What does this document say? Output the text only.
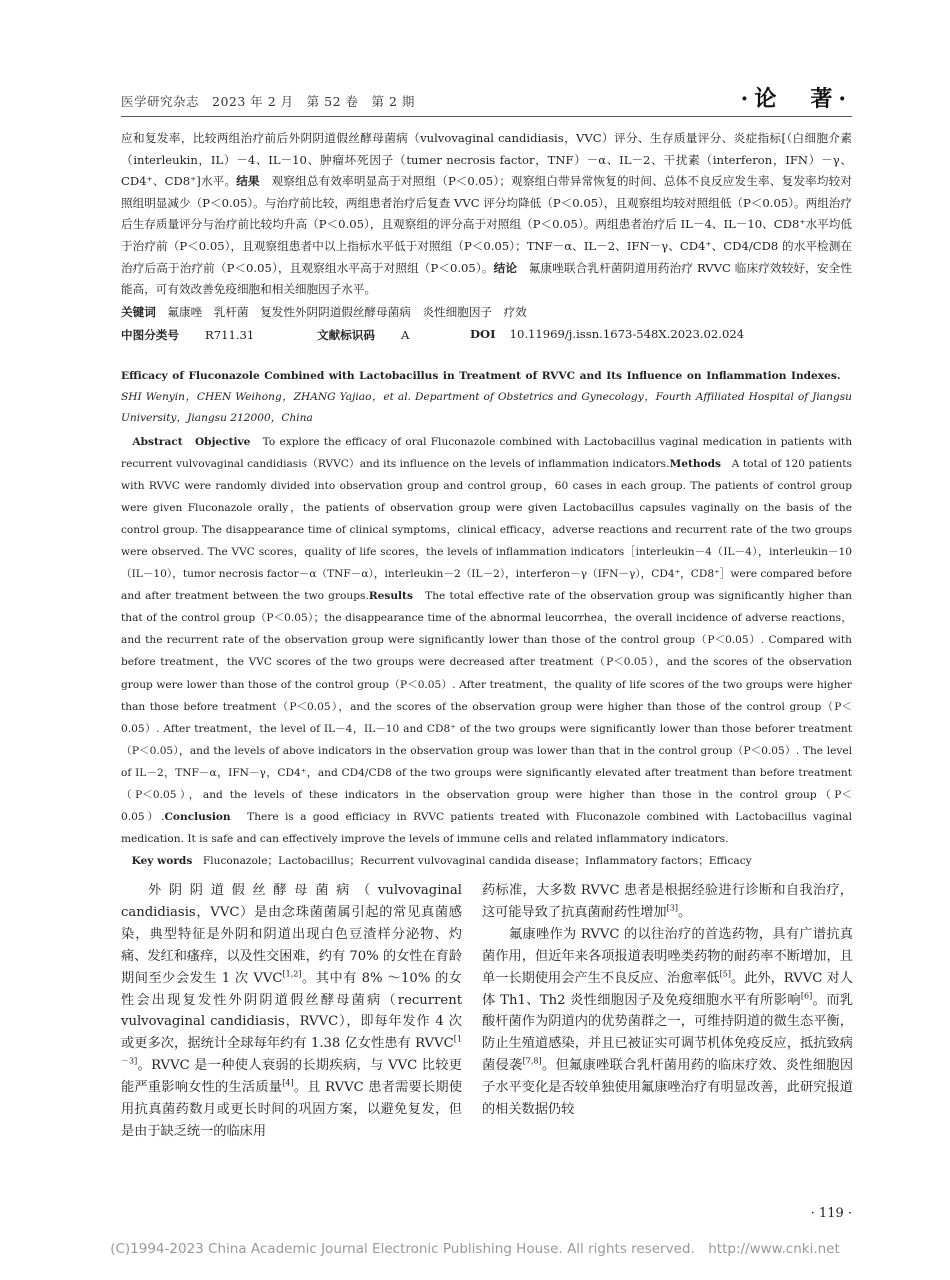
医学研究杂志　2023 年 2 月　第 52 卷　第 2 期	·论　著·

应和复发率，比较两组治疗前后外阴阴道假丝酵母菌病（vulvovaginal candidiasis，VVC）评分、生存质量评分、炎症指标[（白细胞介素（interleukin，IL）－4、IL－10、肿瘤坏死因子（tumer necrosis factor，TNF）－α、IL－2、干扰素（interferon，IFN）－γ、CD4⁺、CD8⁺]水平。结果　观察组总有效率明显高于对照组（P＜0.05）；观察组白带异常恢复的时间、总体不良反应发生率、复发率均较对照组明显减少（P＜0.05）。与治疗前比较，两组患者治疗后复查 VVC 评分均降低（P＜0.05），且观察组均较对照组低（P＜0.05）。两组治疗后生存质量评分与治疗前比较均升高（P＜0.05），且观察组的评分高于对照组（P＜0.05）。两组患者治疗后 IL－4、IL－10、CD8⁺水平均低于治疗前（P＜0.05），且观察组患者中以上指标水平低于对照组（P＜0.05）；TNF－α、IL－2、IFN－γ、CD4⁺、CD4/CD8 的水平检测在治疗后高于治疗前（P＜0.05），且观察组水平高于对照组（P＜0.05）。结论　氟康唑联合乳杆菌阴道用药治疗 RVVC 临床疗效较好，安全性能高，可有效改善免疫细胞和相关细胞因子水平。

关键词　氟康唑　乳杆菌　复发性外阴阴道假丝酵母菌病　炎性细胞因子　疗效
中图分类号 R711.31	文献标识码 A	DOI 10.11969/j.issn.1673-548X.2023.02.024

Efficacy of Fluconazole Combined with Lactobacillus in Treatment of RVVC and Its Influence on Inflammation Indexes.　SHI Wenyin，CHEN Weihong，ZHANG Yajiao，et al. Department of Obstetrics and Gynecology，Fourth Affiliated Hospital of Jiangsu University，Jiangsu 212000，China

　Abstract　 Objective　To explore the efficacy of oral Fluconazole combined with Lactobacillus vaginal medication in patients with recurrent vulvovaginal candidiasis（RVVC）and its influence on the levels of inflammation indicators.Methods　A total of 120 patients with RVVC were randomly divided into observation group and control group，60 cases in each group. The patients of control group were given Fluconazole orally，the patients of observation group were given Lactobacillus capsules vaginally on the basis of the control group. The disappearance time of clinical symptoms，clinical efficacy，adverse reactions and recurrent rate of the two groups were observed. The VVC scores，quality of life scores，the levels of inflammation indicators［interleukin－4（IL－4），interleukin－10（IL－10），tumor necrosis factor－α（TNF－α），interleukin－2（IL－2），interferon－γ（IFN－γ），CD4⁺，CD8⁺］were compared before and after treatment between the two groups.Results　The total effective rate of the observation group was significantly higher than that of the control group（P＜0.05）；the disappearance time of the abnormal leucorrhea，the overall incidence of adverse reactions，and the recurrent rate of the observation group were significantly lower than those of the control group（P＜0.05）. Compared with before treatment，the VVC scores of the two groups were decreased after treatment（P＜0.05），and the scores of the observation group were lower than those of the control group（P＜0.05）. After treatment，the quality of life scores of the two groups were higher than those before treatment（P＜0.05），and the scores of the observation group were higher than those of the control group（P＜0.05）. After treatment，the level of IL－4，IL－10 and CD8⁺ of the two groups were significantly lower than those beforer treatment（P＜0.05），and the levels of above indicators in the observation group was lower than that in the control group（P＜0.05）. The level of IL－2，TNF－α，IFN－γ，CD4⁺，and CD4/CD8 of the two groups were significantly elevated after treatment than before treatment（P＜0.05），and the levels of these indicators in the observation group were higher than those in the control group（P＜0.05）.Conclusion　There is a good efficiacy in RVVC patients treated with Fluconazole combined with Lactobacillus vaginal medication. It is safe and can effectively improve the levels of immune cells and related inflammatory indicators.

　Key words　Fluconazole；Lactobacillus；Recurrent vulvovaginal candida disease；Inflammatory factors；Efficacy

外阴阴道假丝酵母菌病（vulvovaginal candidiasis，VVC）是由念珠菌菌属引起的常见真菌感染，典型特征是外阴和阴道出现白色豆渣样分泌物、灼痛、发红和瘙痒，以及性交困难，约有 70% 的女性在育龄期间至少会发生 1 次 VVC[1,2]。其中有 8% ～10% 的女性会出现复发性外阴阴道假丝酵母菌病（recurrent vulvovaginal candidiasis，RVVC），即每年发作 4 次或更多次，据统计全球每年约有 1.38 亿女性患有 RVVC[1－3]。RVVC 是一种使人衰弱的长期疾病，与 VVC 比较更能严重影响女性的生活质量[4]。且 RVVC 患者需要长期使用抗真菌药数月或更长时间的巩固方案，以避免复发，但是由于缺乏统一的临床用

药标准，大多数 RVVC 患者是根据经验进行诊断和自我治疗，这可能导致了抗真菌耐药性增加[3]。

氟康唑作为 RVVC 的以往治疗的首选药物，具有广谱抗真菌作用，但近年来各项报道表明唑类药物的耐药率不断增加，且单一长期使用会产生不良反应、治愈率低[5]。此外，RVVC 对人体 Th1、Th2 炎性细胞因子及免疫细胞水平有所影响[6]。而乳酸杆菌作为阴道内的优势菌群之一，可维持阴道的微生态平衡，防止生殖道感染，并且已被证实可调节机体免疫反应，抵抗致病菌侵袭[7,8]。但氟康唑联合乳杆菌用药的临床疗效、炎性细胞因子水平变化是否较单独使用氟康唑治疗有明显改善，此研究报道的相关数据仍较

· 119 ·
(C)1994-2023 China Academic Journal Electronic Publishing House. All rights reserved.　http://www.cnki.net
